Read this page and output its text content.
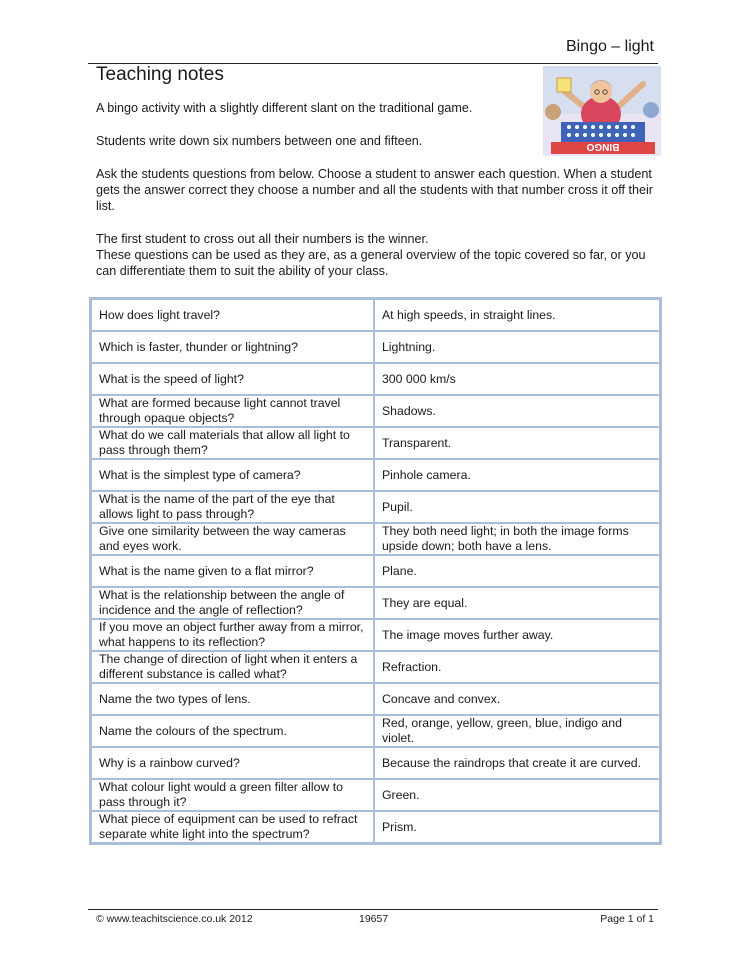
Bingo – light
Teaching notes
BINGO

A bingo activity with a slightly different slant on the traditional game.

Students write down six numbers between one and fifteen.

Ask the students questions from below. Choose a student to answer each question. When a student gets the answer correct they choose a number and all the students with that number cross it off their list.

The first student to cross out all their numbers is the winner.

These questions can be used as they are, as a general overview of the topic covered so far, or you can differentiate them to suit the ability of your class.

How does light travel?	At high speeds, in straight lines.
Which is faster, thunder or lightning?	Lightning.
What is the speed of light?	300 000 km/s
What are formed because light cannot travel through opaque objects?	Shadows.
What do we call materials that allow all light to pass through them?	Transparent.
What is the simplest type of camera?	Pinhole camera.
What is the name of the part of the eye that allows light to pass through?	Pupil.
Give one similarity between the way cameras and eyes work.	They both need light; in both the image forms upside down; both have a lens.
What is the name given to a flat mirror?	Plane.
What is the relationship between the angle of incidence and the angle of reflection?	They are equal.
If you move an object further away from a mirror, what happens to its reflection?	The image moves further away.
The change of direction of light when it enters a different substance is called what?	Refraction.
Name the two types of lens.	Concave and convex.
Name the colours of the spectrum.	Red, orange, yellow, green, blue, indigo and violet.
Why is a rainbow curved?	Because the raindrops that create it are curved.
What colour light would a green filter allow to pass through it?	Green.
What piece of equipment can be used to refract separate white light into the spectrum?	Prism.
© www.teachitscience.co.uk 2012	19657	Page 1 of 1
